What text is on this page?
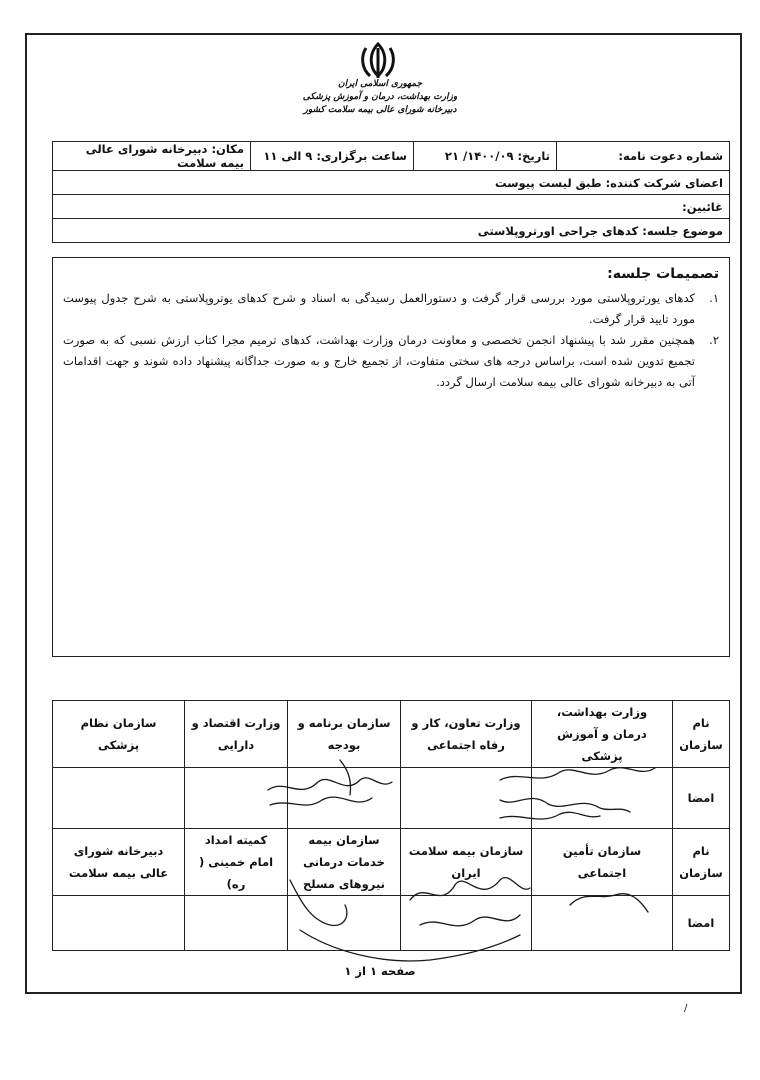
جمهوری اسلامی ایران
وزارت بهداشت، درمان و آموزش پزشکی
دبیرخانه شورای عالی بیمه سلامت کشور
شماره دعوت نامه:	تاریخ: ۱۴۰۰/۰۹/ ۲۱	ساعت برگزاری: ۹ الی ۱۱	مکان: دبیرخانه شورای عالی بیمه سلامت
اعضای شرکت کننده: طبق لیست پیوست
غائبین:
موضوع جلسه: کدهای جراحی اورتروپلاستی
تصمیمات جلسه:
۱.
کدهای یورتروپلاستی مورد بررسی قرار گرفت و دستورالعمل رسیدگی به اسناد و شرح کدهای یوتروپلاستی به شرح جدول پیوست مورد تایید قرار گرفت.
۲.
همچنین مقرر شد با پیشنهاد انجمن تخصصی و معاونت درمان وزارت بهداشت، کدهای ترمیم مجرا کتاب ارزش نسبی که به صورت تجمیع تدوین شده است، براساس درجه های سختی متفاوت، از تجمیع خارج و به صورت جداگانه پیشنهاد داده شوند و جهت اقدامات آتی به دبیرخانه شورای عالی بیمه سلامت ارسال گردد.
نام سازمان	وزارت بهداشت، درمان و آموزش پزشکی	وزارت تعاون، کار و رفاه اجتماعی	سازمان برنامه و بودجه	وزارت اقتصاد و دارایی	سازمان نظام پزشکی
امضا					
نام سازمان	سازمان تأمین اجتماعی	سازمان بیمه سلامت ایران	سازمان بیمه خدمات درمانی نیروهای مسلح	کمیته امداد امام خمینی ( ره)	دبیرخانه شورای عالی بیمه سلامت
امضا					
صفحه ۱ از ۱
/
